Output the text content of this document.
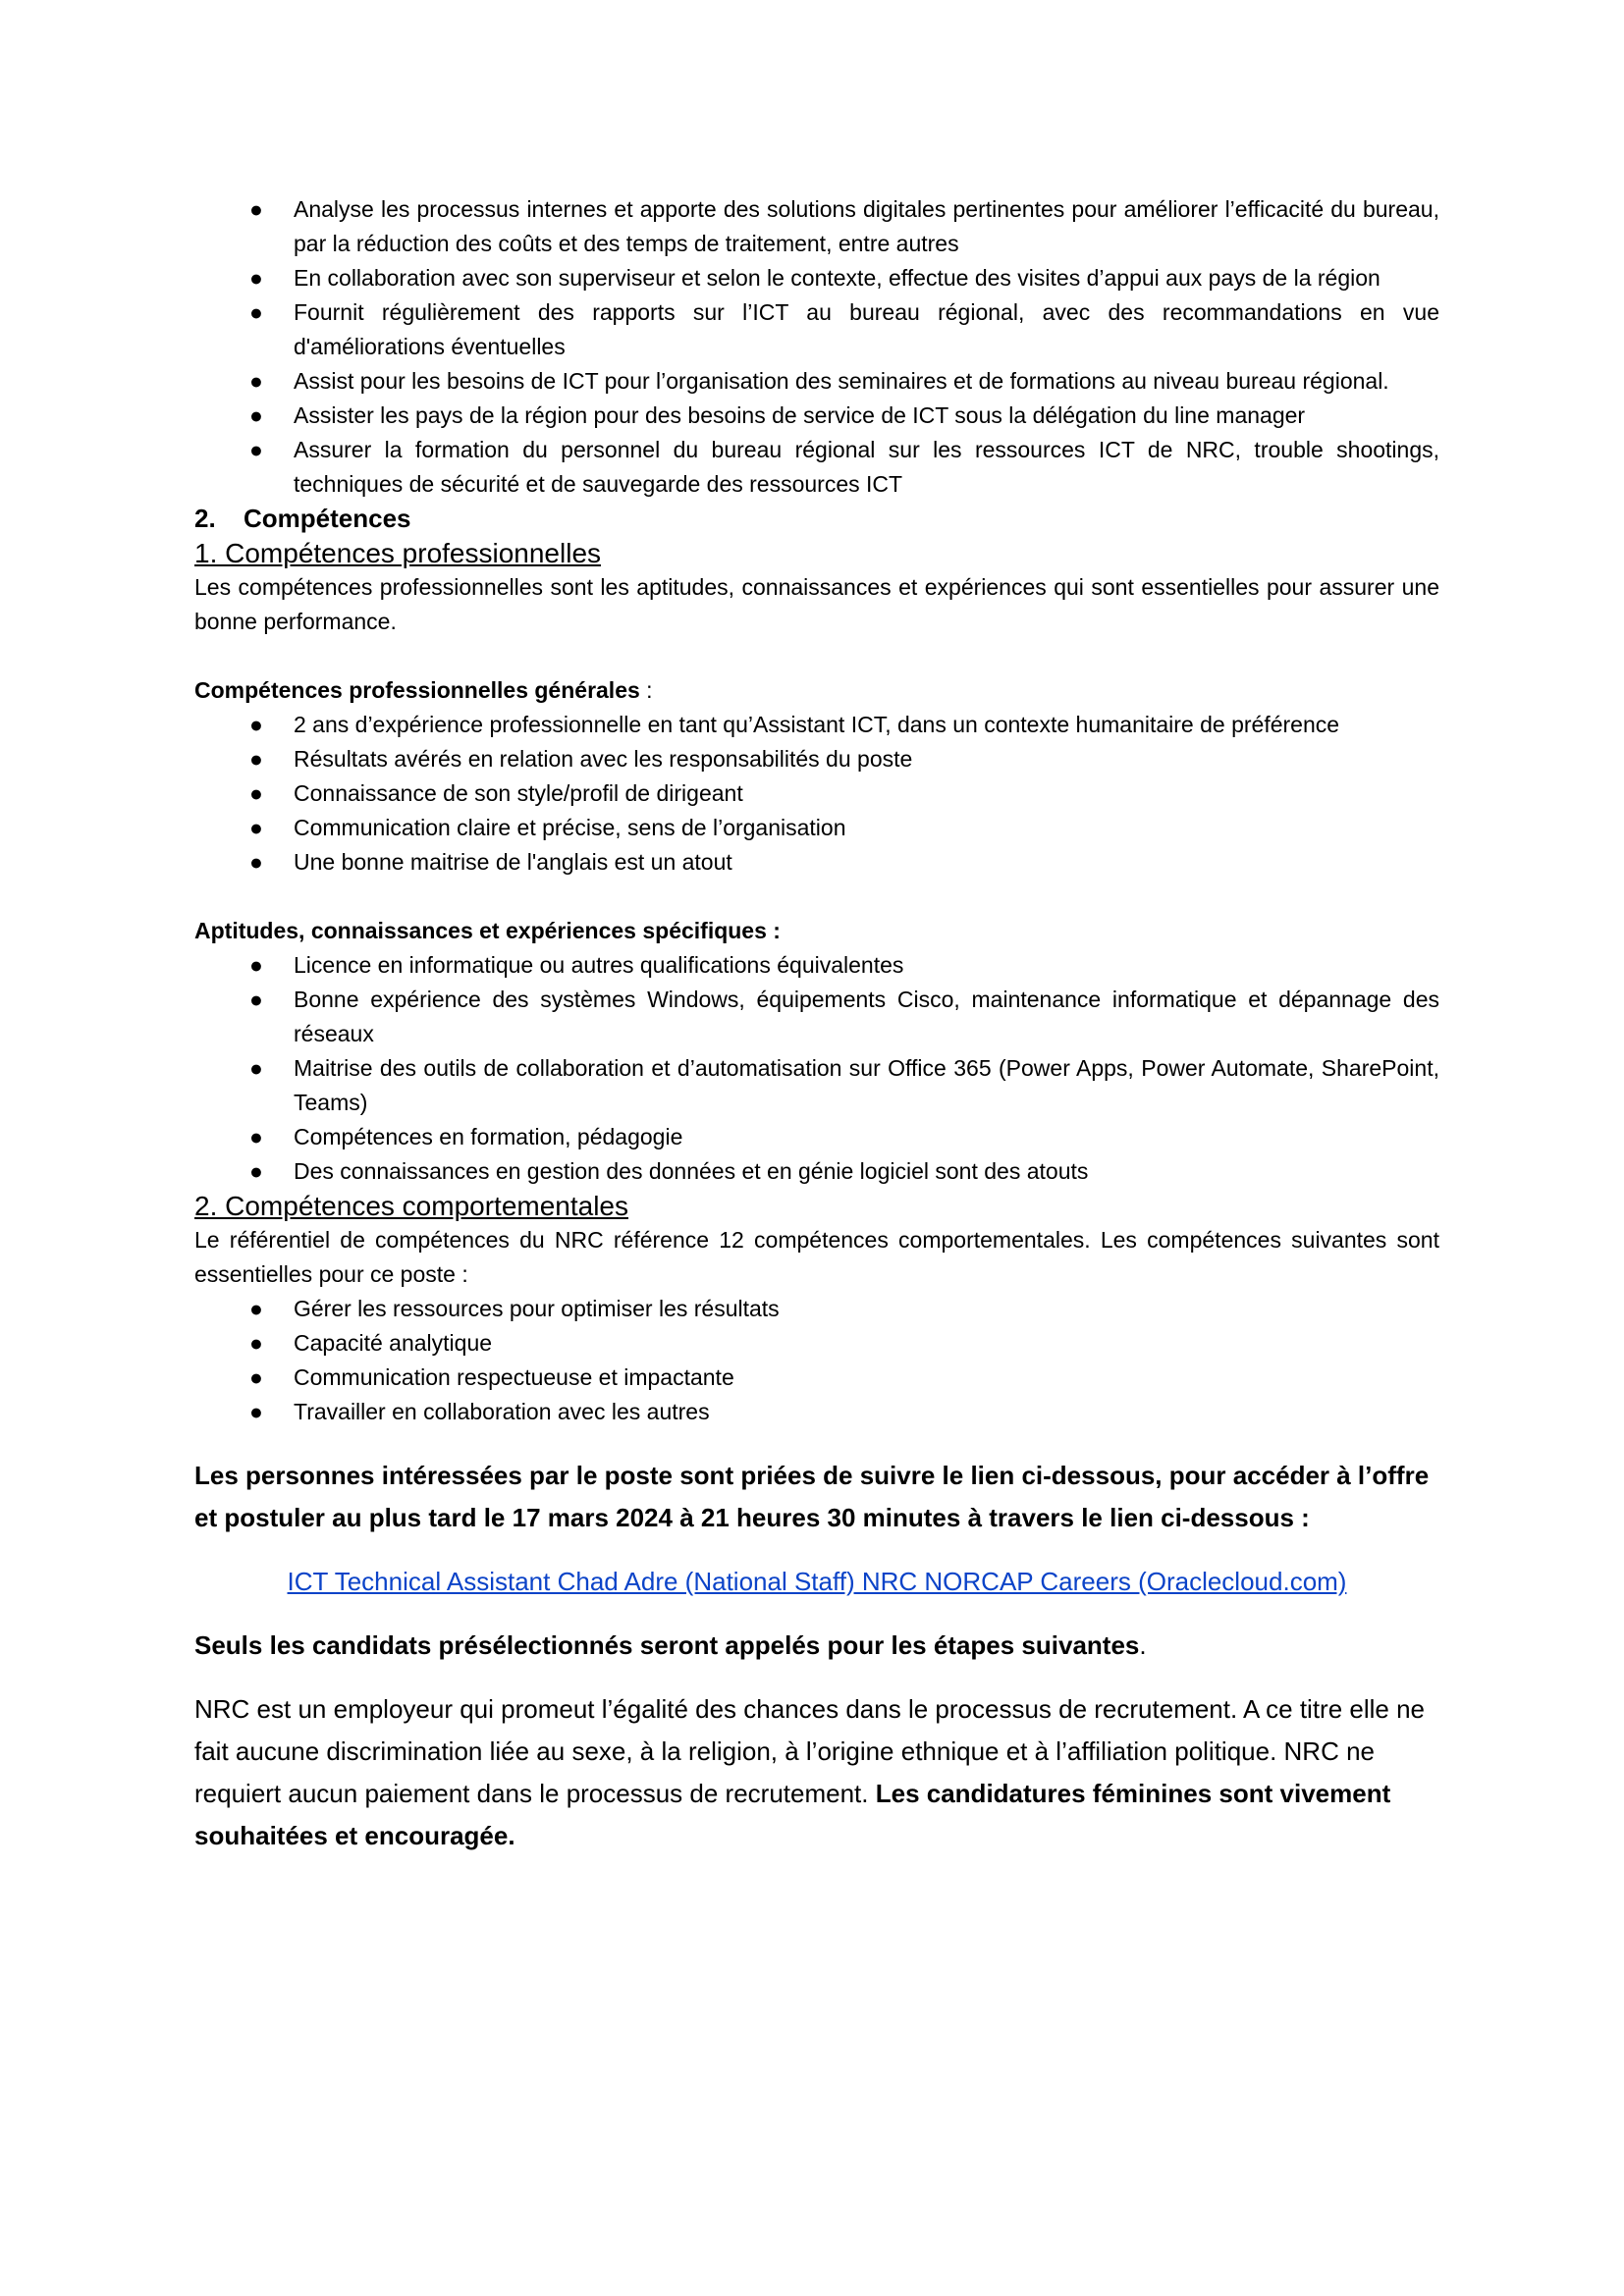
● Analyse les processus internes et apporte des solutions digitales pertinentes pour améliorer l’efficacité du bureau, par la réduction des coûts et des temps de traitement, entre autres
● En collaboration avec son superviseur et selon le contexte, effectue des visites d’appui aux pays de la région
● Fournit régulièrement des rapports sur l’ICT au bureau régional, avec des recommandations en vue d'améliorations éventuelles
● Assist pour les besoins de ICT pour l’organisation des seminaires et de formations au niveau bureau régional.
● Assister les pays de la région pour des besoins de service de ICT sous la délégation du line manager
● Assurer la formation du personnel du bureau régional sur les ressources ICT de NRC, trouble shootings, techniques de sécurité et de sauvegarde des ressources ICT

2. Compétences

1. Compétences professionnelles

Les compétences professionnelles sont les aptitudes, connaissances et expériences qui sont essentielles pour assurer une bonne performance.

Compétences professionnelles générales :

● 2 ans d’expérience professionnelle en tant qu’Assistant ICT, dans un contexte humanitaire de préférence
● Résultats avérés en relation avec les responsabilités du poste
● Connaissance de son style/profil de dirigeant
● Communication claire et précise, sens de l’organisation
● Une bonne maitrise de l'anglais est un atout

Aptitudes, connaissances et expériences spécifiques :

● Licence en informatique ou autres qualifications équivalentes
● Bonne expérience des systèmes Windows, équipements Cisco, maintenance informatique et dépannage des réseaux
● Maitrise des outils de collaboration et d’automatisation sur Office 365 (Power Apps, Power Automate, SharePoint, Teams)
● Compétences en formation, pédagogie
● Des connaissances en gestion des données et en génie logiciel sont des atouts

2. Compétences comportementales

Le référentiel de compétences du NRC référence 12 compétences comportementales. Les compétences suivantes sont essentielles pour ce poste :

● Gérer les ressources pour optimiser les résultats
● Capacité analytique
● Communication respectueuse et impactante
● Travailler en collaboration avec les autres

Les personnes intéressées par le poste sont priées de suivre le lien ci-dessous, pour accéder à l’offre et postuler au plus tard le 17 mars 2024 à 21 heures 30 minutes à travers le lien ci-dessous :

ICT Technical Assistant Chad Adre (National Staff) NRC NORCAP Careers (Oraclecloud.com)

Seuls les candidats présélectionnés seront appelés pour les étapes suivantes.

NRC est un employeur qui promeut l’égalité des chances dans le processus de recrutement. A ce titre elle ne fait aucune discrimination liée au sexe, à la religion, à l’origine ethnique et à l’affiliation politique. NRC ne requiert aucun paiement dans le processus de recrutement. Les candidatures féminines sont vivement souhaitées et encouragée.
